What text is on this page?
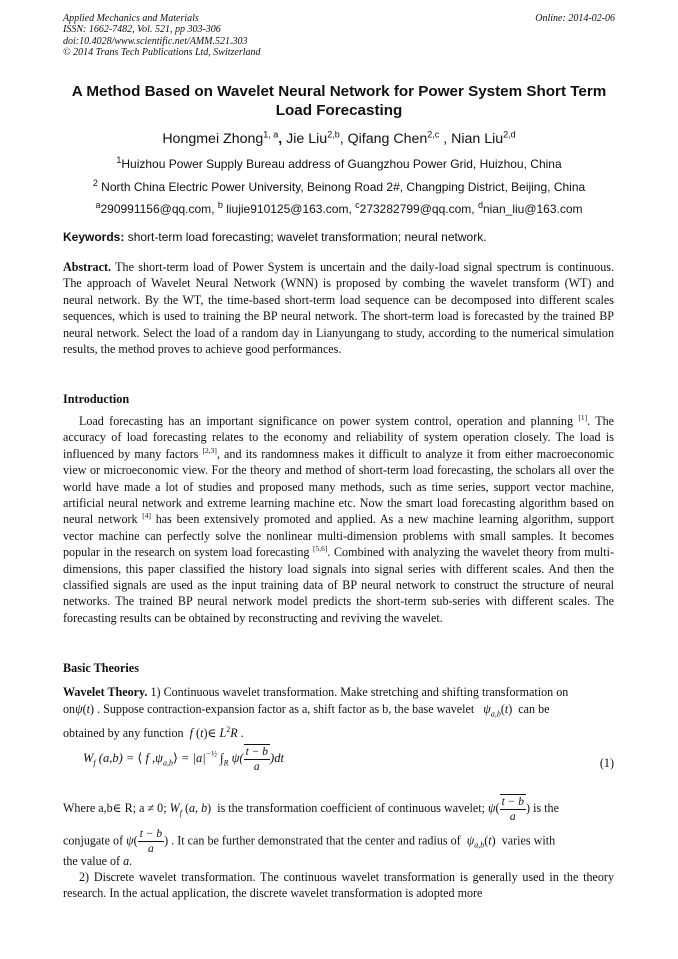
Applied Mechanics and Materials
ISSN: 1662-7482, Vol. 521, pp 303-306
doi:10.4028/www.scientific.net/AMM.521.303
© 2014 Trans Tech Publications Ltd, Switzerland
Online: 2014-02-06
A Method Based on Wavelet Neural Network for Power System Short Term Load Forecasting
Hongmei Zhong$^{1, a}$, Jie Liu$^{2,b}$, Qifang Chen$^{2,c}$ , Nian Liu$^{2,d}$
$^1$Huizhou Power Supply Bureau address of Guangzhou Power Grid, Huizhou, China
$^2$ North China Electric Power University, Beinong Road 2#, Changping District, Beijing, China
$^a$290991156@qq.com, $^b$ liujie910125@163.com, $^c$273282799@qq.com, $^d$nian_liu@163.com
Keywords: short-term load forecasting; wavelet transformation; neural network.
Abstract. The short-term load of Power System is uncertain and the daily-load signal spectrum is continuous. The approach of Wavelet Neural Network (WNN) is proposed by combing the wavelet transform (WT) and neural network. By the WT, the time-based short-term load sequence can be decomposed into different scales sequences, which is used to training the BP neural network. The short-term load is forecasted by the trained BP neural network. Select the load of a random day in Lianyungang to study, according to the numerical simulation results, the method proves to achieve good performances.
Introduction
Load forecasting has an important significance on power system control, operation and planning [1]. The accuracy of load forecasting relates to the economy and reliability of system operation closely. The load is influenced by many factors [2,3], and its randomness makes it difficult to analyze it from either macroeconomic view or microeconomic view. For the theory and method of short-term load forecasting, the scholars all over the world have made a lot of studies and proposed many methods, such as time series, support vector machine, artificial neural network and extreme learning machine etc. Now the smart load forecasting algorithm based on neural network [4] has been extensively promoted and applied. As a new machine learning algorithm, support vector machine can perfectly solve the nonlinear multi-dimension problems with small samples. It becomes popular in the research on system load forecasting [5,6]. Combined with analyzing the wavelet theory from multi-dimensions, this paper classified the history load signals into signal series with different scales. And then the classified signals are used as the input training data of BP neural network to construct the structure of neural networks. The trained BP neural network model predicts the short-term sub-series with different scales. The forecasting results can be obtained by reconstructing and reviving the wavelet.
Basic Theories
Wavelet Theory. 1) Continuous wavelet transformation. Make stretching and shifting transformation on
onψ(t) . Suppose contraction-expansion factor as a, shift factor as b, the base wavelet $\psi_{a,b}(t)$  can be
obtained by any function f (t)∈ $L^2R$ .
$W_f$ (a,b) = ⟨ f $,\psi_{a,b}⟩ = |a|^{-\frac{1}{2}}$ $\int_R$ $\psi( \frac{t - b}{a} )dt$	(1)
Where a,b∈ R; a ≠ 0; $W_f$ (a, b)  is the transformation coefficient of continuous wavelet; $\psi( \frac{t - b}{a}$ ) is the
conjugate of $\psi( \frac{t - b}{a}$ ) . It can be further demonstrated that the center and radius of $\psi_{a,b}(t)$  varies with
the value of a.
2) Discrete wavelet transformation. The continuous wavelet transformation is generally used in the theory research. In the actual application, the discrete wavelet transformation is adopted more
